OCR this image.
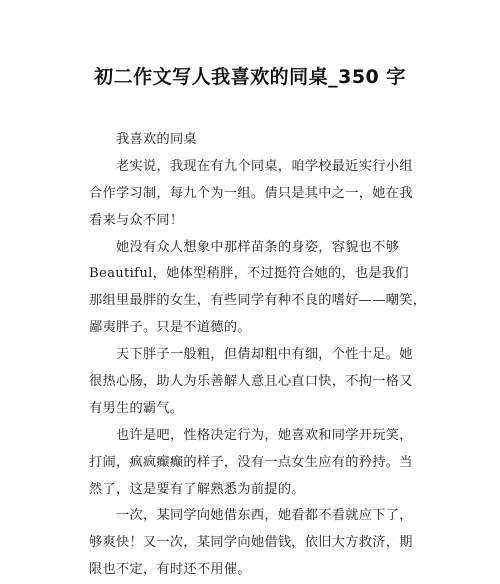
初二作文写人我喜欢的同桌_350 字
我喜欢的同桌
老实说，我现在有九个同桌，咱学校最近实行小组
合作学习制，每九个为一组。倩只是其中之一，她在我
看来与众不同！
她没有众人想象中那样苗条的身姿，容貌也不够
Beautiful，她体型稍胖，不过挺符合她的，也是我们
那组里最胖的女生，有些同学有种不良的嗜好——嘲笑，
鄙夷胖子。只是不道德的。
天下胖子一般粗，但倩却粗中有细，个性十足。她
很热心肠，助人为乐善解人意且心直口快，不拘一格又
有男生的霸气。
也许是吧，性格决定行为，她喜欢和同学开玩笑，
打闹，疯疯癫癫的样子，没有一点女生应有的矜持。当
然了，这是要有了解熟悉为前提的。
一次，某同学向她借东西，她看都不看就应下了，
够爽快！又一次，某同学向她借钱，依旧大方救济，期
限也不定，有时还不用催。
